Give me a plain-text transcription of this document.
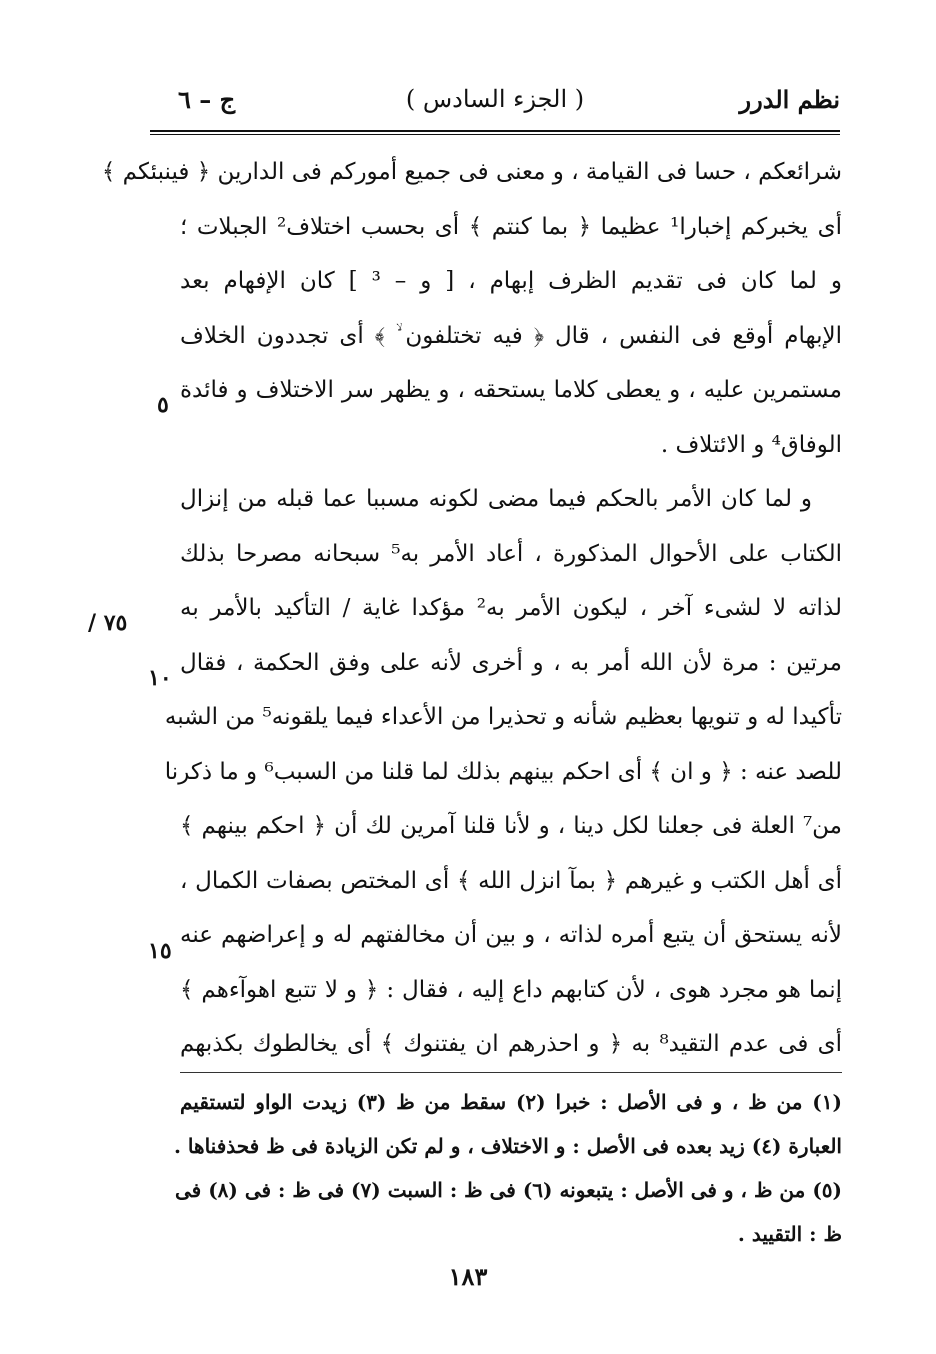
نظم الدرر
( الجزء السادس )
ج – ٦
شرائعكم ، حسا فى القيامة ، و معنى فى جميع أموركم فى الدارين ﴿ فينبئكم ﴾
أى يخبركم إخبارا¹ عظيما ﴿ بما كنتم ﴾ أى بحسب اختلاف² الجبلات ؛
و لما كان فى تقديم الظرف إبهام ، [ و – ³ ] كان الإفهام بعد
الإبهام أوقع فى النفس ، قال ﴿ فيه تختلفون ۙ ﴾ أى تجددون الخلاف
مستمرين عليه ، و يعطى كلاما يستحقه ، و يظهر سر الاختلاف و فائدة
الوفاق⁴ و الائتلاف .
و لما كان الأمر بالحكم فيما مضى لكونه مسببا عما قبله من إنزال
الكتاب على الأحوال المذكورة ، أعاد الأمر به⁵ سبحانه مصرحا بذلك
لذاته لا لشىء آخر ، ليكون الأمر به² مؤكدا غاية / التأكيد بالأمر به
مرتين : مرة لأن الله أمر به ، و أخرى لأنه على وفق الحكمة ، فقال
تأكيدا له و تنويها بعظيم شأنه و تحذيرا من الأعداء فيما يلقونه⁵ من الشبه
للصد عنه : ﴿ و ان ﴾ أى احكم بينهم بذلك لما قلنا من السبب⁶ و ما ذكرنا
من⁷ العلة فى جعلنا لكل دينا ، و لأنا قلنا آمرين لك أن ﴿ احكم بينهم ﴾
أى أهل الكتب و غيرهم ﴿ بمآ انزل الله ﴾ أى المختص بصفات الكمال ،
لأنه يستحق أن يتبع أمره لذاته ، و بين أن مخالفتهم له و إعراضهم عنه
إنما هو مجرد هوى ، لأن كتابهم داع إليه ، فقال : ﴿ و لا تتبع اهوآءهم ﴾
أى فى عدم التقيد⁸ به ﴿ و احذرهم ان يفتنوك ﴾ أى يخالطوك بكذبهم
٥
٧٥ /
١٠
١٥
(١) من ظ ، و فى الأصل : خبرا (٢) سقط من ظ (٣) زيدت الواو لتستقيم
العبارة (٤) زيد بعده فى الأصل : و الاختلاف ، و لم تكن الزيادة فى ظ فحذفناها .
(٥) من ظ ، و فى الأصل : يتبعونه (٦) فى ظ : السبت (٧) فى ظ : فى (٨) فى
ظ : التقييد .
١٨٣
